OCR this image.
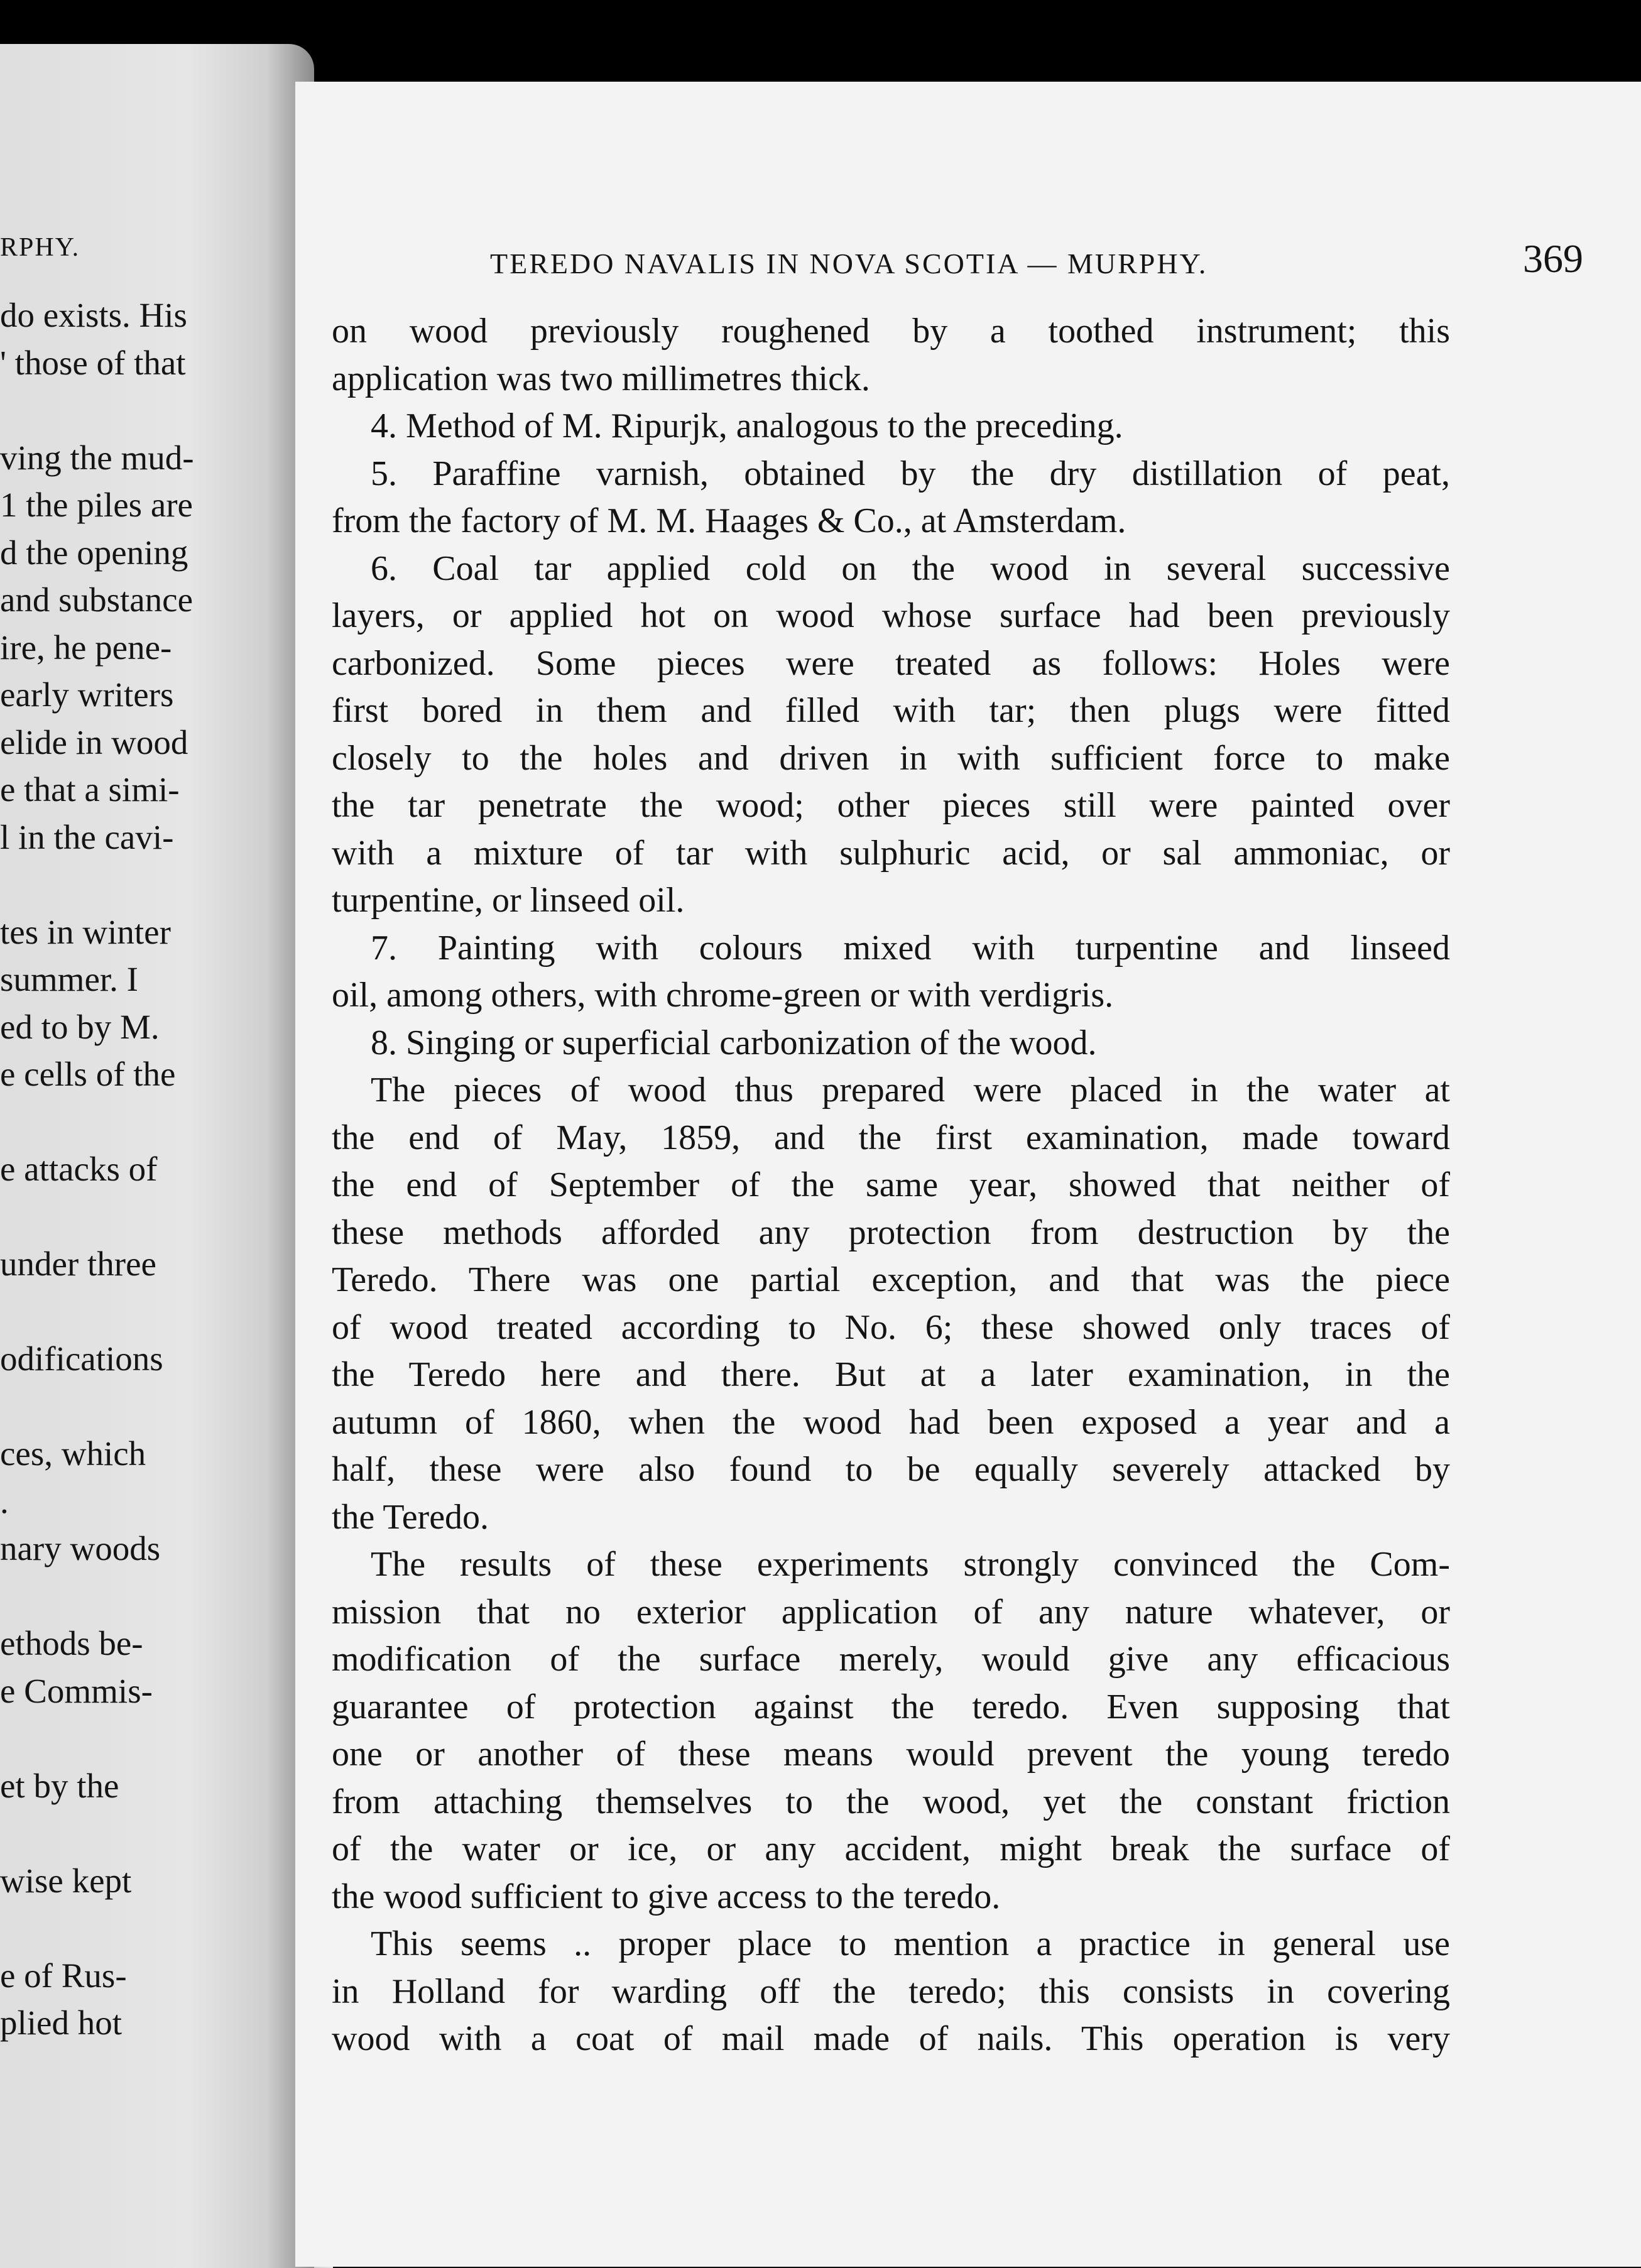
RPHY.
do exists. His
' those of that
ving the mud-
1 the piles are
d the opening
and substance
ire, he pene-
early writers
elide in wood
e that a simi-
l in the cavi-
tes in winter
summer. I
ed to by M.
e cells of the
e attacks of
under three
odifications
ces, which
.
nary woods
ethods be-
e Commis-
et by the
wise kept
e of Rus-
plied hot
TEREDO NAVALIS IN NOVA SCOTIA — MURPHY.	369
on wood previously roughened by a toothed instrument; this
application was two millimetres thick.
4. Method of M. Ripurjk, analogous to the preceding.
5. Paraffine varnish, obtained by the dry distillation of peat,
from the factory of M. M. Haages & Co., at Amsterdam.
6. Coal tar applied cold on the wood in several successive
layers, or applied hot on wood whose surface had been previously
carbonized. Some pieces were treated as follows: Holes were
first bored in them and filled with tar; then plugs were fitted
closely to the holes and driven in with sufficient force to make
the tar penetrate the wood; other pieces still were painted over
with a mixture of tar with sulphuric acid, or sal ammoniac, or
turpentine, or linseed oil.
7. Painting with colours mixed with turpentine and linseed
oil, among others, with chrome-green or with verdigris.
8. Singing or superficial carbonization of the wood.
The pieces of wood thus prepared were placed in the water at
the end of May, 1859, and the first examination, made toward
the end of September of the same year, showed that neither of
these methods afforded any protection from destruction by the
Teredo. There was one partial exception, and that was the piece
of wood treated according to No. 6; these showed only traces of
the Teredo here and there. But at a later examination, in the
autumn of 1860, when the wood had been exposed a year and a
half, these were also found to be equally severely attacked by
the Teredo.
The results of these experiments strongly convinced the Com-
mission that no exterior application of any nature whatever, or
modification of the surface merely, would give any efficacious
guarantee of protection against the teredo. Even supposing that
one or another of these means would prevent the young teredo
from attaching themselves to the wood, yet the constant friction
of the water or ice, or any accident, might break the surface of
the wood sufficient to give access to the teredo.
This seems .. proper place to mention a practice in general use
in Holland for warding off the teredo; this consists in covering
wood with a coat of mail made of nails. This operation is very
